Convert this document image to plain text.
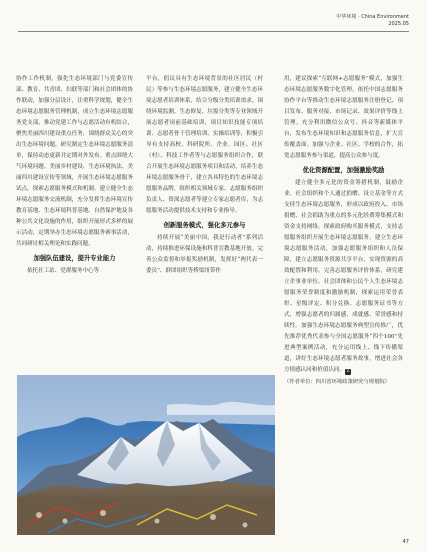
中华环境 · China Environment
2025.05

协作工作机制，强化生态环境部门与党委宣传部、教育、共青团、妇联等部门和社会团体的协作联动，加强分层设计，注重科学规划，健全生态环境志愿服务管理机制，成立生态环境志愿服务党支部，推动党建工作与志愿活动有机结合，聚焦美丽四川建设重点任务，围绕群众关心的突出生态环境问题，研究制定生态环境志愿服务清单，保持动态更新并定期对外发布。重点围绕大气环境问题、美丽乡村建设、生态环境执法、美丽四川建设宣传等领域，开展生态环境志愿服务试点，探索志愿服务模式和机制。建立健全生态环境志愿服务交流机制，充分发挥生态环境宣传教育基地、生态环境科普基地、自然保护地及各种公共文化设施的作用，组织开展形式多样的展示活动，定期举办生态环境志愿服务赛事活动，共同研讨相关理论和实践问题。

加强队伍建设，提升专业能力

依托社工站、党群服务中心等

平台，倡议具有生态环境背景的社区居民（村民）等参与生态环境志愿服务，建立健全生态环境志愿者培训体系，结合分级分类培训需求，围绕环境监测、生态修复、垃圾分类等专业领域开展志愿者岗前基础培训，项目知识技能专项培训、志愿者骨干管理培训、实操培训等，积极引导有支持高校、科研院所、企业、园区、社区（村）、科技工作者等与志愿服务组织合作，联合开展生态环境志愿服务项目和活动，培养生态环境志愿服务骨干，建立各具特色的生态环境志愿服务品牌，组织相关领域专家、志愿服务组织负责人、资深志愿者等建立专家志愿者库，为志愿服务活动提供技术支持和专业指导。

创新服务模式，强化多元参与

持续开展“美丽中国，我是行动者”系列活动，持续推进环保设施和科普宣教基地开放。完善公众监督和举报奖励机制，发挥好“两代表一委员”、群团组织等桥梁纽带作

用，建议探索“互联网+志愿服务”模式，加强生态环境志愿服务数字化管理，依托中国志愿服务协作平台等推动生态环境志愿服务注册登记、项目发布、服务对接、市场记录、效果评价等线上管理。充分利用微信公众号、抖音等新媒体平台，发布生态环境知识和志愿服务信息，扩大宣传覆盖面。加强与企业、社区、学校的合作，拓宽志愿服务参与渠道，提高公众参与度。

优化资源配置，加强激励奖励

建立健全多元化的资金筹措机制，鼓励企业、社会组织和个人通过捐赠、设立基金等方式支持生态环境志愿服务，形成以政府投入、市场捐赠、社会捐助为重点的多元化经费筹集模式和资金支持网络，探索政府购买服务模式，支持志愿服务组织开展生态环境志愿服务，建立生态环境志愿服务活动，加强志愿服务组织和人员保障，建立志愿服务资源共享平台，实现资源的高效配置和利用。完善志愿服务评价体系，研究建立企事业单位、社会团体和公民个人生态环境志愿服务荣誉制度和激励机制，探索运用荣誉表彰、星级评定、积分兑换、志愿服务证书等方式，增强志愿者的归属感、成就感、荣誉感和持续性。加强生态环境志愿服务典型宣传推广，优先推荐优秀代表参与全国志愿服务“四个100”先进典型案例活动，充分运用线上、线下传播渠道，讲好生态环境志愿者服务故事，增进社会各方情感认同和价值认同。Z

（作者单位：四川省环境政策研究与规划院）

47
